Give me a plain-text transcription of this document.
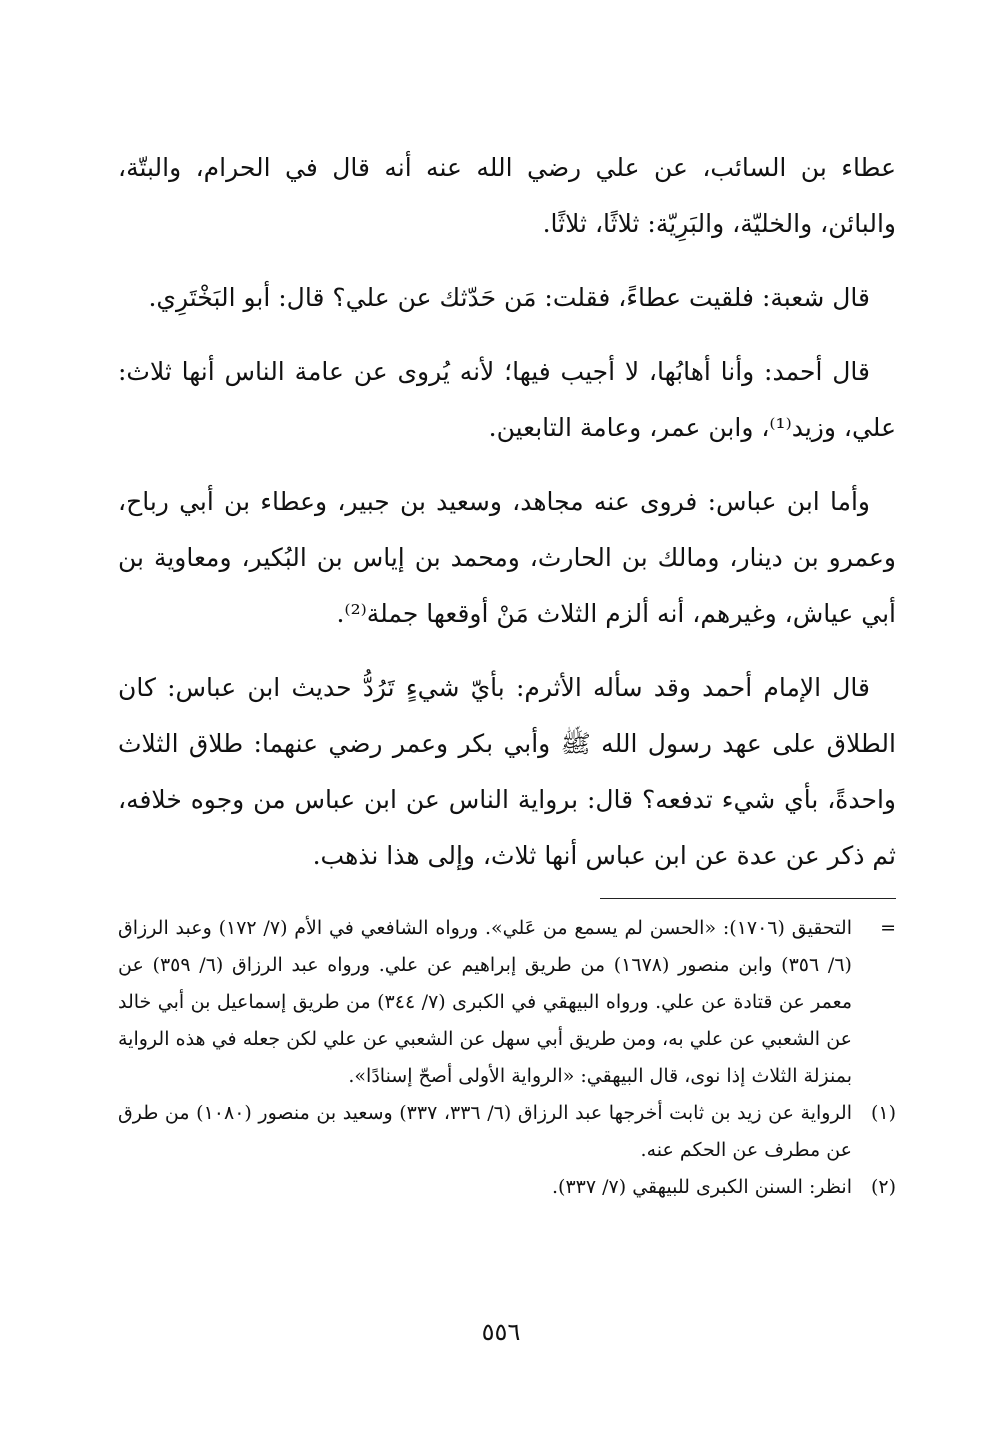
عطاء بن السائب، عن علي رضي الله عنه أنه قال في الحرام، والبتّة، والبائن، والخليّة، والبَرِيّة: ثلاثًا، ثلاثًا.

قال شعبة: فلقيت عطاءً، فقلت: مَن حَدّثك عن علي؟ قال: أبو البَخْتَرِي.

قال أحمد: وأنا أهابُها، لا أجيب فيها؛ لأنه يُروى عن عامة الناس أنها ثلاث: علي، وزيد⁽¹⁾، وابن عمر، وعامة التابعين.

وأما ابن عباس: فروى عنه مجاهد، وسعيد بن جبير، وعطاء بن أبي رباح، وعمرو بن دينار، ومالك بن الحارث، ومحمد بن إياس بن البُكير، ومعاوية بن أبي عياش، وغيرهم، أنه ألزم الثلاث مَنْ أوقعها جملة⁽²⁾.

قال الإمام أحمد وقد سأله الأثرم: بأيّ شيءٍ تَرُدُّ حديث ابن عباس: كان الطلاق على عهد رسول الله ﷺ وأبي بكر وعمر رضي عنهما: طلاق الثلاث واحدةً، بأي شيء تدفعه؟ قال: برواية الناس عن ابن عباس من وجوه خلافه، ثم ذكر عن عدة عن ابن عباس أنها ثلاث، وإلى هذا نذهب.

=
التحقيق (١٧٠٦): «الحسن لم يسمع من عَلي». ورواه الشافعي في الأم (٧/ ١٧٢) وعبد الرزاق (٦/ ٣٥٦) وابن منصور (١٦٧٨) من طريق إبراهيم عن علي. ورواه عبد الرزاق (٦/ ٣٥٩) عن معمر عن قتادة عن علي. ورواه البيهقي في الكبرى (٧/ ٣٤٤) من طريق إسماعيل بن أبي خالد عن الشعبي عن علي به، ومن طريق أبي سهل عن الشعبي عن علي لكن جعله في هذه الرواية بمنزلة الثلاث إذا نوى، قال البيهقي: «الرواية الأولى أصحّ إسنادًا».
(١)
الرواية عن زيد بن ثابت أخرجها عبد الرزاق (٦/ ٣٣٦، ٣٣٧) وسعيد بن منصور (١٠٨٠) من طرق عن مطرف عن الحكم عنه.
(٢)
انظر: السنن الكبرى للبيهقي (٧/ ٣٣٧).
٥٥٦
